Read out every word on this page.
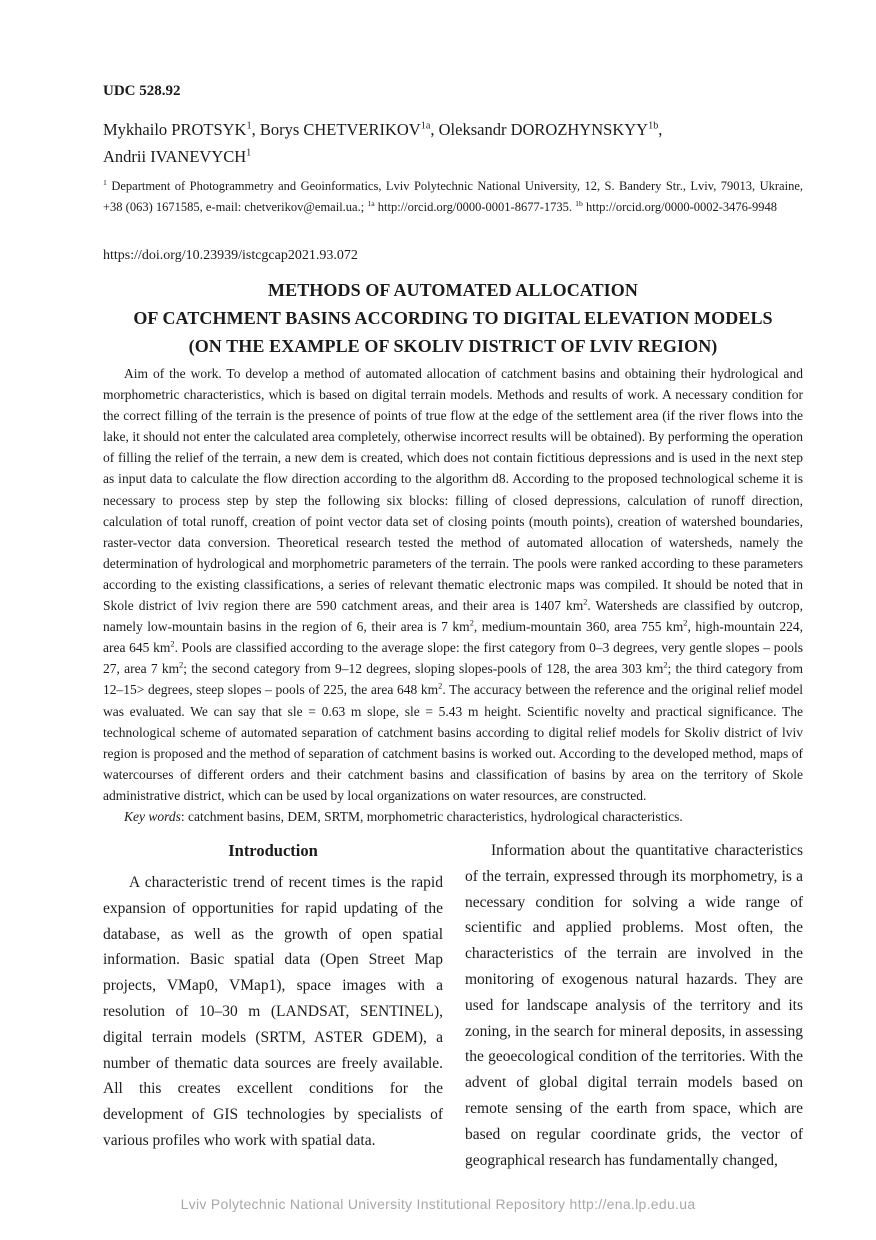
UDC 528.92

Mykhailo PROTSYK$^1$, Borys $CHETVERIKOV^{1a}$, Oleksandr $DOROZHYNSKYY^{1b}$,
Andrii IVANEVYCH$^1$

$^1$ Department of Photogrammetry and Geoinformatics, Lviv Polytechnic National University, 12, S. Bandery Str., Lviv, 79013, Ukraine, +38 (063) 1671585, e-mail: chetverikov@email.ua.; $^{1a}$ http://orcid.org/0000-0001-8677-1735. $^{1b}$ http://orcid.org/0000-0002-3476-9948

https://doi.org/10.23939/istcgcap2021.93.072

METHODS OF AUTOMATED ALLOCATION
OF CATCHMENT BASINS ACCORDING TO DIGITAL ELEVATION MODELS
(ON THE EXAMPLE OF SKOLIV DISTRICT OF LVIV REGION)

Aim of the work. To develop a method of automated allocation of catchment basins and obtaining their hydrological and morphometric characteristics, which is based on digital terrain models. Methods and results of work. A necessary condition for the correct filling of the terrain is the presence of points of true flow at the edge of the settlement area (if the river flows into the lake, it should not enter the calculated area completely, otherwise incorrect results will be obtained). By performing the operation of filling the relief of the terrain, a new dem is created, which does not contain fictitious depressions and is used in the next step as input data to calculate the flow direction according to the algorithm d8. According to the proposed technological scheme it is necessary to process step by step the following six blocks: filling of closed depressions, calculation of runoff direction, calculation of total runoff, creation of point vector data set of closing points (mouth points), creation of watershed boundaries, raster-vector data conversion. Theoretical research tested the method of automated allocation of watersheds, namely the determination of hydrological and morphometric parameters of the terrain. The pools were ranked according to these parameters according to the existing classifications, a series of relevant thematic electronic maps was compiled. It should be noted that in Skole district of lviv region there are 590 catchment areas, and their area is 1407 $km^2$. Watersheds are classified by outcrop, namely low-mountain basins in the region of 6, their area is 7 $km^2$, medium-mountain 360, area 755 $km^2$, high-mountain 224, area 645 $km^2$. Pools are classified according to the average slope: the first category from 0–3 degrees, very gentle slopes – pools 27, area 7 $km^2$; the second category from 9–12 degrees, sloping slopes-pools of 128, the area 303 $km^2$; the third category from 12–15> degrees, steep slopes – pools of 225, the area 648 $km^2$. The accuracy between the reference and the original relief model was evaluated. We can say that sle = 0.63 m slope, sle = 5.43 m height. Scientific novelty and practical significance. The technological scheme of automated separation of catchment basins according to digital relief models for Skoliv district of lviv region is proposed and the method of separation of catchment basins is worked out. According to the developed method, maps of watercourses of different orders and their catchment basins and classification of basins by area on the territory of Skole administrative district, which can be used by local organizations on water resources, are constructed.

Key words: catchment basins, DEM, SRTM, morphometric characteristics, hydrological characteristics.

Introduction

A characteristic trend of recent times is the rapid expansion of opportunities for rapid updating of the database, as well as the growth of open spatial information. Basic spatial data (Open Street Map projects, VMap0, VMap1), space images with a resolution of 10–30 m (LANDSAT, SENTINEL), digital terrain models (SRTM, ASTER GDEM), a number of thematic data sources are freely available. All this creates excellent conditions for the development of GIS technologies by specialists of various profiles who work with spatial data.

Information about the quantitative characteristics of the terrain, expressed through its morphometry, is a necessary condition for solving a wide range of scientific and applied problems. Most often, the characteristics of the terrain are involved in the monitoring of exogenous natural hazards. They are used for landscape analysis of the territory and its zoning, in the search for mineral deposits, in assessing the geoecological condition of the territories. With the advent of global digital terrain models based on remote sensing of the earth from space, which are based on regular coordinate grids, the vector of geographical research has fundamentally changed,

Lviv Polytechnic National University Institutional Repository http://ena.lp.edu.ua
